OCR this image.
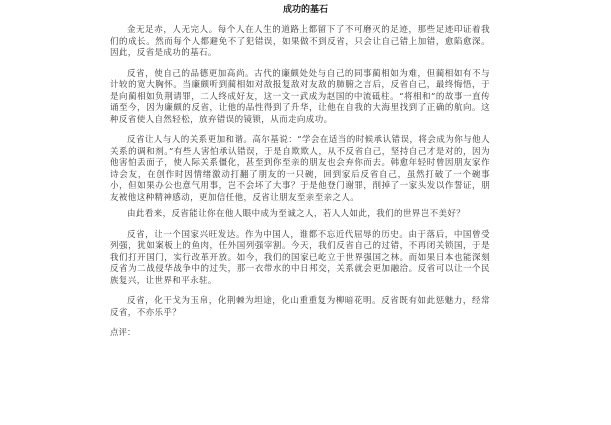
成功的基石

金无足赤，人无完人。每个人在人生的道路上都留下了不可磨灭的足迹，那些足迹印证着我们的成长。然而每个人都避免不了犯错误，如果做不到反省，只会让自己错上加错，愈陷愈深。因此，反省是成功的基石。

反省，使自己的品德更加高尚。古代的廉颇处处与自己的同事蔺相如为难，但蔺相如有不与计较的宽大胸怀。当廉颇听到蔺相如对敌报复敌对友敌的肺腑之言后，反省自己，最终悔悟，于是向蔺相如负荆请罪，二人终成好友，这一文一武成为赵国的中流砥柱。“将相和”的故事一直传诵至今，因为廉颇的反省，让他的品性得到了升华，让他在自我的大海里找到了正确的航向。这种反省使人自然轻松，放弃错误的镜锁，从而走向成功。

反省让人与人的关系更加和谐。高尔基说：“学会在适当的时候承认错误，将会成为你与他人关系的调和剂。”有些人害怕承认错误，于是自欺欺人，从不反省自己，坚持自己才是对的，因为他害怕丢面子，使人际关系僵化，甚至到你至亲的朋友也会弃你而去。韩愈年轻时曾因朋友家作诗会友，在创作时因情绪激动打翻了朋友的一只碗，回到家后反省自己，虽然打破了一个碗事小，但如果办公也意气用事，岂不会坏了大事？于是他登门谢罪，削掉了一家头发以作誓证，朋友被他这种精神感动，更加信任他，反省让朋友至亲至亲之人。

由此看来，反省能让你在他人眼中成为至诚之人，若人人如此，我们的世界岂不美好？

反省，让一个国家兴旺发达。作为中国人，谁都不忘近代屈辱的历史。由于落后，中国曾受列强，犹如案板上的鱼肉，任外国列强宰割。今天，我们反省自己的过错，不再闭关锁国，于是我们打开国门，实行改革开放。如今，我们的国家已屹立于世界强国之林。而如果日本也能深刻反省为二战侵华战争中的过失，那一衣带水的中日邦交，关系就会更加融洽。反省可以让一个民族复兴，让世界和平永驻。

反省，化干戈为玉帛，化荆棘为坦途，化山重重复为柳暗花明。反省既有如此惩魅力，经常反省，不亦乐乎？

点评：
